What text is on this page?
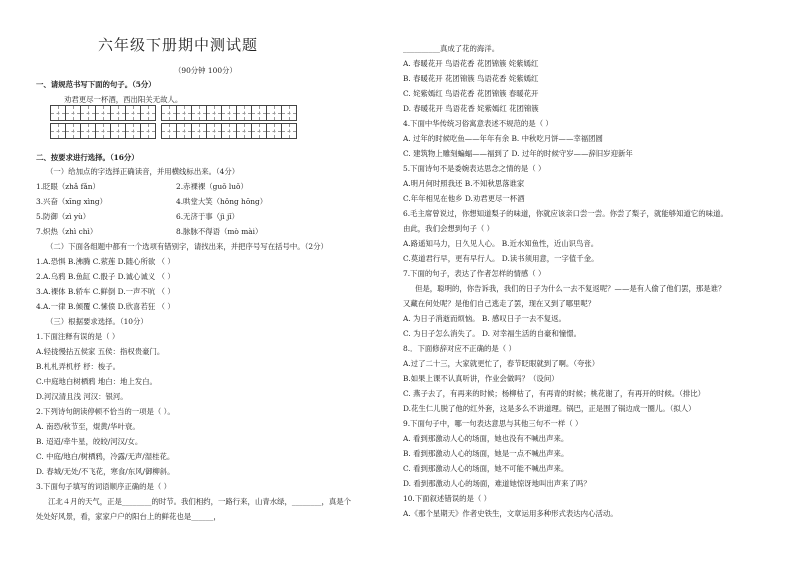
六年级下册期中测试题
（90分钟 100分）
一、请规范书写下面的句子。（5分）
劝君更尽一杯酒，西出阳关无故人。
二、按要求进行选择。（16分）
（一）给加点的字选择正确读音，并用横线标出来。（4分）
1.眨眼（zhǎ fǎn）	2.赤裸裸（guǒ luǒ）
3.兴奋（xīng xìng）	4.哄堂大笑（hǒng hōng）
5.防御（zì yù）	6.无济于事（jì jǐ）
7.炽热（zhì chì）	8.脉脉不得语（mò mài）
（二）下面各组题中都有一个选项有错别字，请找出来，并把序号写在括号中。（2分）
1.A.恐惧 B.沸腾 C.萦莲 D.随心所欲 （ ）
2.A.乌鸦 B.鱼缸 C.骰子 D.诚心诚义 （ ）
3.A.裸体 B.轿车 C.鲜倒 D.一声不吭 （ ）
4.A.一律 B.倾覆 C.愫偾 D.欣喜若狂 （ ）
（三）根据要求选择。（10分）
1.下面注释有误的是（ ）
A.轻拢慢拈五侯家 五侯：指权贵豪门。
B.札札弄机杼 杼：梭子。
C.中庭地白树栖鸦 地白：地上发白。
D.河汉清且浅 河汉：银河。
2.下列诗句朗读停顿不恰当的一项是（ ）。
A. 南恐/秋节至，焜黄/华叶衰。
B. 迢迢/牵牛星，皎皎/河汉/女。
C. 中庭/地白/树栖鸦，冷露/无声/湿桂花。
D. 春城/无处/不飞花，寒食/东风/御柳斜。
3.下面句子填写的词语顺序正确的是（ ）
江北４月的天气，正是________的时节。我们相约，一路行来，山青水绿，________，真是个
处处好风景，看，家家户户的阳台上的鲜花也是______，
__________真成了花的海洋。
A. 春暖花开 鸟语花香 花团锦簇 姹紫嫣红
B. 春暖花开 花团锦簇 鸟语花香 姹紫嫣红
C. 姹紫嫣红 鸟语花香 花团锦簇 春暖花开
D. 春暖花开 鸟语花香 姹紫嫣红 花团锦簇
4.下面中华传统习俗寓意表述不规范的是（ ）
A. 过年的时候吃鱼——年年有余 B. 中秋吃月饼——幸福团圆
C. 建筑物上雕刻蝙蝠——福到了 D. 过年的时候守岁——辞旧岁迎新年
5.下面诗句不是委婉表达思念之情的是（ ）
A.明月何时照我还 B.不知秋思落谁家
C.年年相见在他乡 D.劝君更尽一杯酒
6.毛主席曾说过，你想知道梨子的味道，你就应该亲口尝一尝。你尝了梨子，就能够知道它的味道。
由此，我们会想到句子（ ）
A.路遥知马力，日久见人心。 B.近水知鱼性，近山识鸟音。
C.莫道君行早，更有早行人。 D.读书须用意，一字值千金。
7.下面的句子，表达了作者怎样的情感（ ）
但是，聪明的，你告诉我，我们的日子为什么一去不复返呢？——是有人偷了他们罢，那是谁？
又藏在何处呢？是他们自己逃走了罢，现在又到了哪里呢？
A. 为日子消逝而烦恼。 B. 感叹日子一去不复返。
C. 为日子怎么消失了。 D. 对幸福生活的自豪和憧憬。
8.．下面修辞对应不正确的是（ ）
A.过了二十三，大家就更忙了，春节眨眼就到了啊。（夸张）
B.如果上课不认真听讲，作业会做吗？（设问）
C. 燕子去了，有再来的时候；杨柳枯了，有再青的时候；桃花谢了，有再开的时候。（排比）
D.花生仁儿脱了他的红外套，这是多么不讲道理。锅巴，正是围了锅边成一圈儿。（拟人）
9.下面句子中，哪一句表达意思与其他三句不一样（ ）
A. 看到那激动人心的场面，她也没有不喊出声来。
B. 看到那激动人心的场面，她是一点不喊出声来。
C. 看到那激动人心的场面，她不可能不喊出声来。
D. 看到那激动人心的场面，难道她惊讶地叫出声来了吗？
10.下面叙述错误的是（ ）
A.《那个星期天》作者史铁生，文章运用多种形式表达内心活动。
